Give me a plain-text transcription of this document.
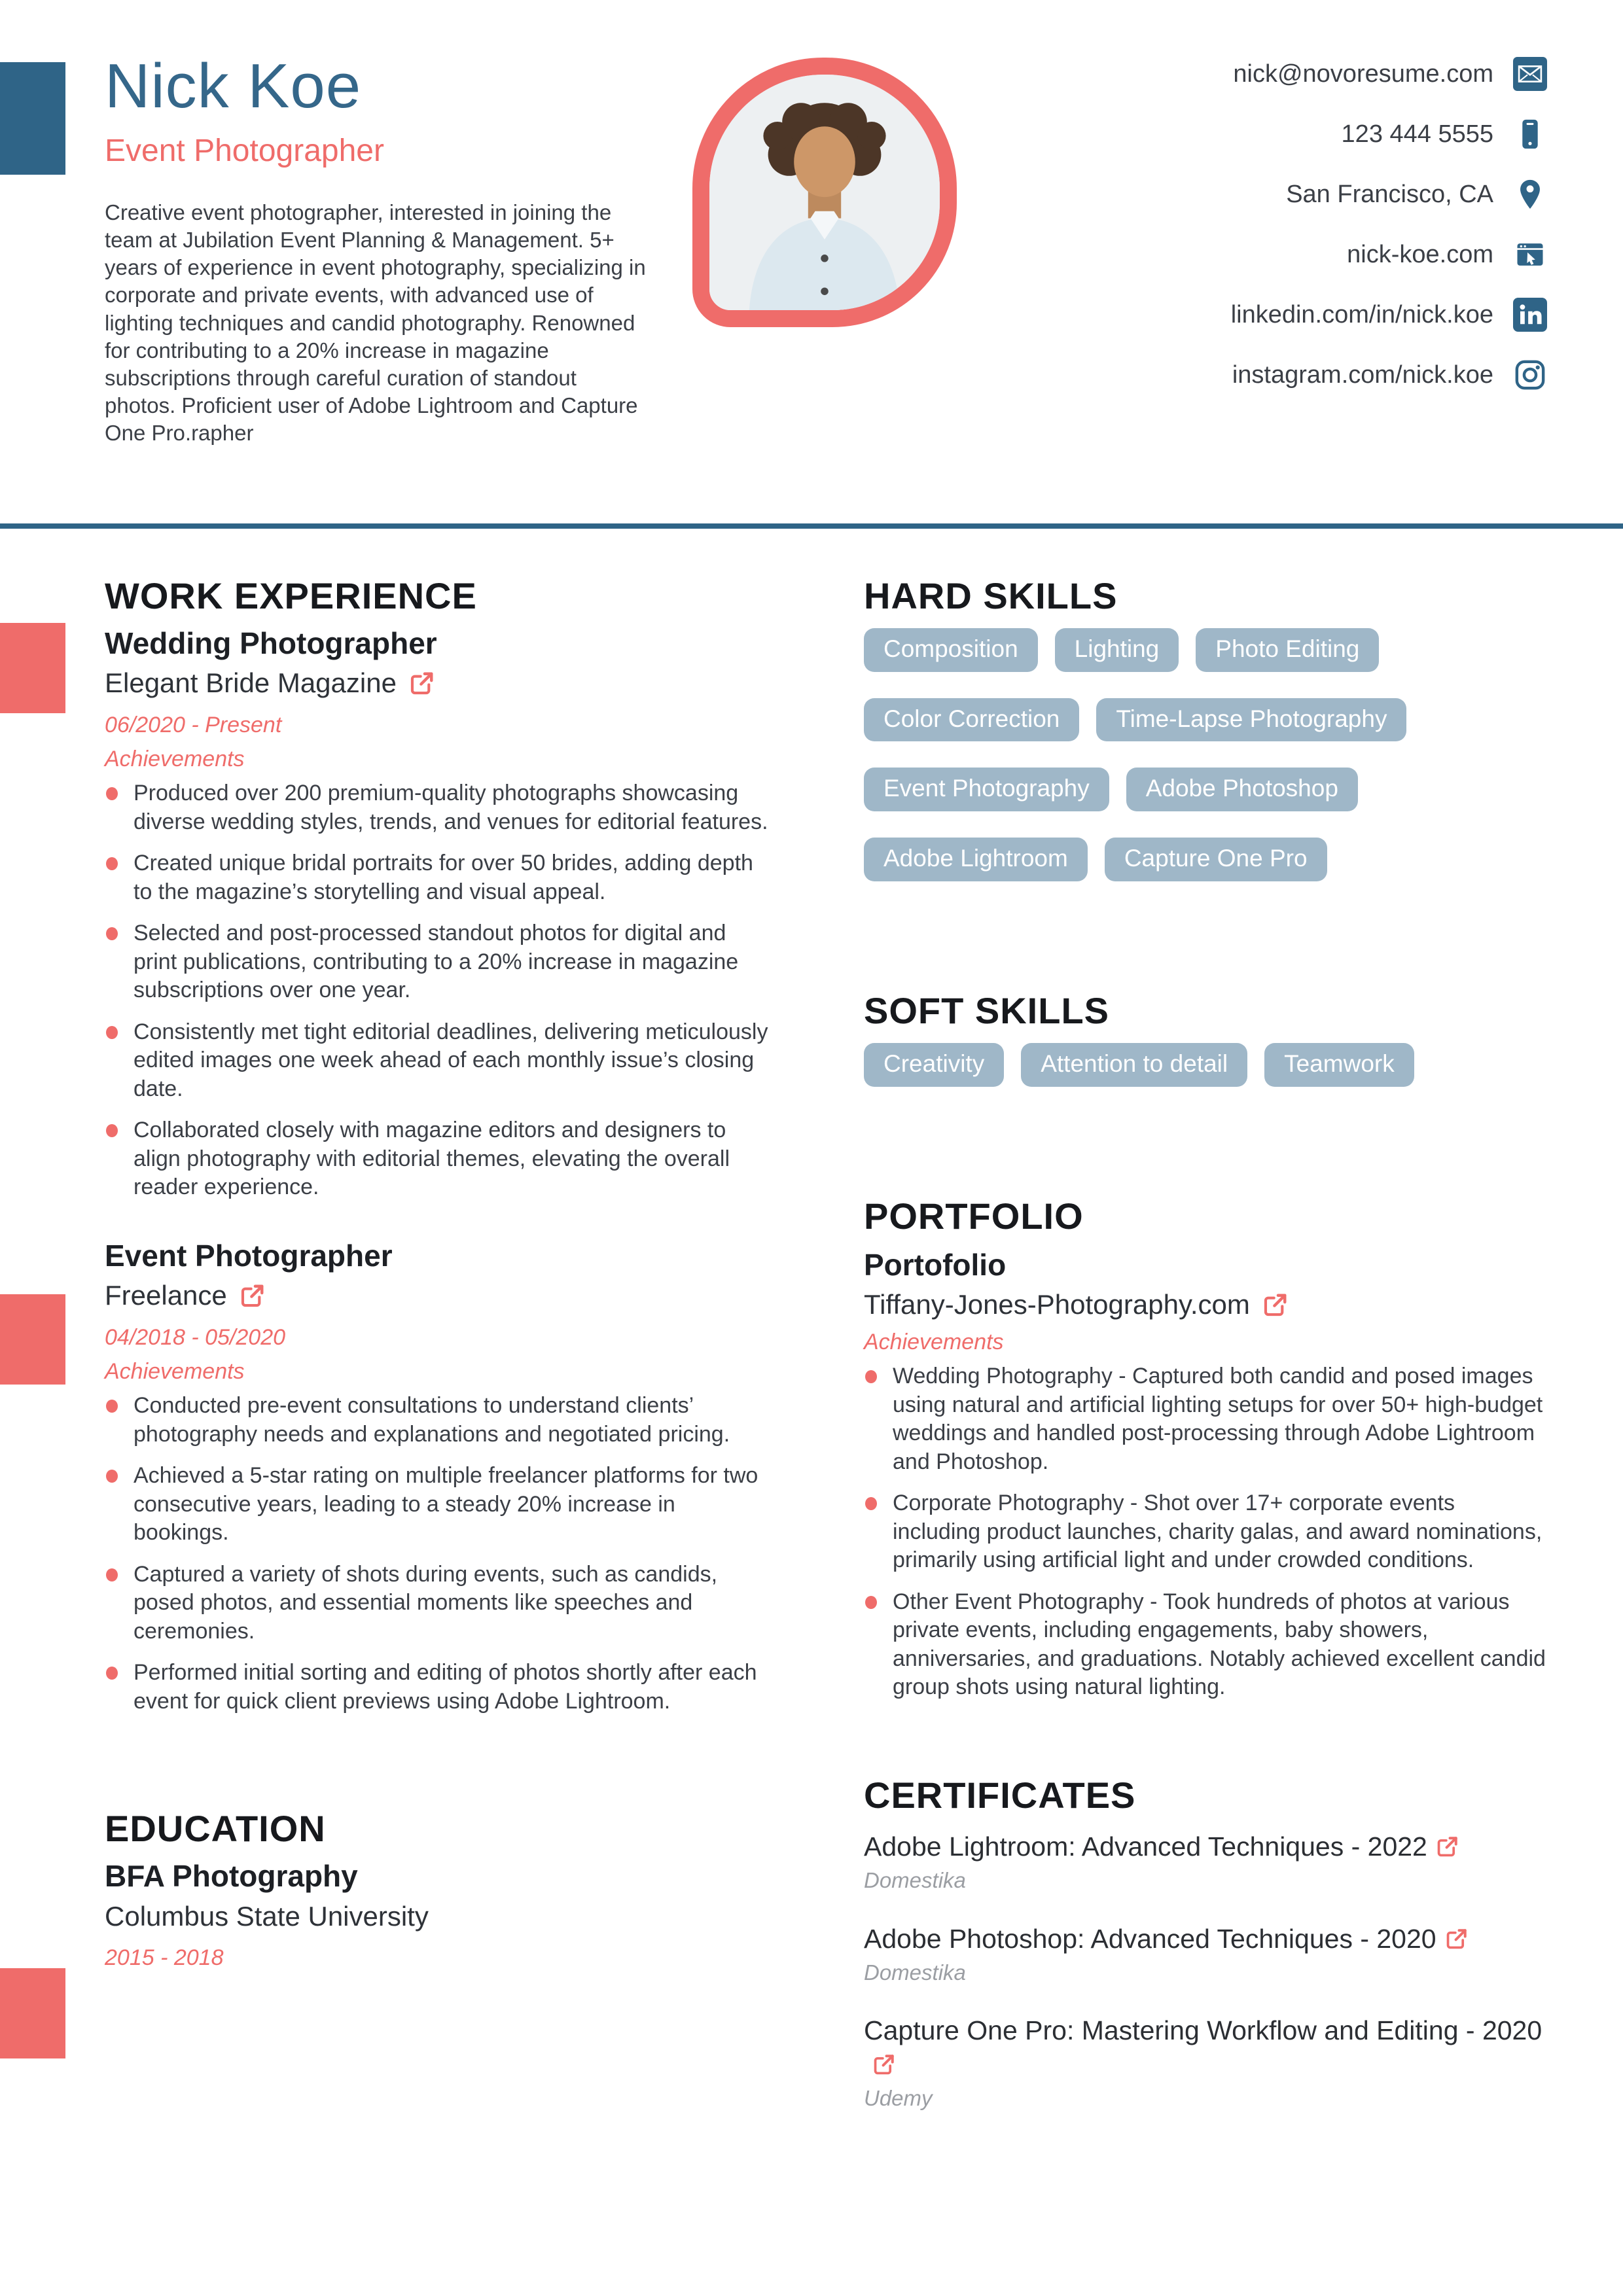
Nick Koe
Event Photographer
Creative event photographer, interested in joining the team at Jubilation Event Planning & Management. 5+ years of experience in event photography, specializing in corporate and private events, with advanced use of lighting techniques and candid photography. Renowned for contributing to a 20% increase in magazine subscriptions through careful curation of standout photos. Proficient user of Adobe Lightroom and Capture One Pro.rapher
nick@novoresume.com
123 444 5555
San Francisco, CA
nick-koe.com
linkedin.com/in/nick.koe
instagram.com/nick.koe
WORK EXPERIENCE
Wedding Photographer
Elegant Bride Magazine
06/2020 - Present
Achievements
Produced over 200 premium-quality photographs showcasing diverse wedding styles, trends, and venues for editorial features.
Created unique bridal portraits for over 50 brides, adding depth to the magazine’s storytelling and visual appeal.
Selected and post-processed standout photos for digital and print publications, contributing to a 20% increase in magazine subscriptions over one year.
Consistently met tight editorial deadlines, delivering meticulously edited images one week ahead of each monthly issue’s closing date.
Collaborated closely with magazine editors and designers to align photography with editorial themes, elevating the overall reader experience.
Event Photographer
Freelance
04/2018 - 05/2020
Achievements
Conducted pre-event consultations to understand clients’ photography needs and explanations and negotiated pricing.
Achieved a 5-star rating on multiple freelancer platforms for two consecutive years, leading to a steady 20% increase in bookings.
Captured a variety of shots during events, such as candids, posed photos, and essential moments like speeches and ceremonies.
Performed initial sorting and editing of photos shortly after each event for quick client previews using Adobe Lightroom.
EDUCATION
BFA Photography
Columbus State University
2015 - 2018
HARD SKILLS
Composition	Lighting	Photo Editing
Color Correction	Time-Lapse Photography
Event Photography	Adobe Photoshop
Adobe Lightroom	Capture One Pro
SOFT SKILLS
Creativity	Attention to detail	Teamwork
PORTFOLIO
Portofolio
Tiffany-Jones-Photography.com
Achievements
Wedding Photography - Captured both candid and posed images using natural and artificial lighting setups for over 50+ high-budget weddings and handled post-processing through Adobe Lightroom and Photoshop.
Corporate Photography - Shot over 17+ corporate events including product launches, charity galas, and award nominations, primarily using artificial light and under crowded conditions.
Other Event Photography - Took hundreds of photos at various private events, including engagements, baby showers, anniversaries, and graduations. Notably achieved excellent candid group shots using natural lighting.
CERTIFICATES
Adobe Lightroom: Advanced Techniques - 2022
Domestika
Adobe Photoshop: Advanced Techniques - 2020
Domestika
Capture One Pro: Mastering Workflow and Editing - 2020
Udemy
